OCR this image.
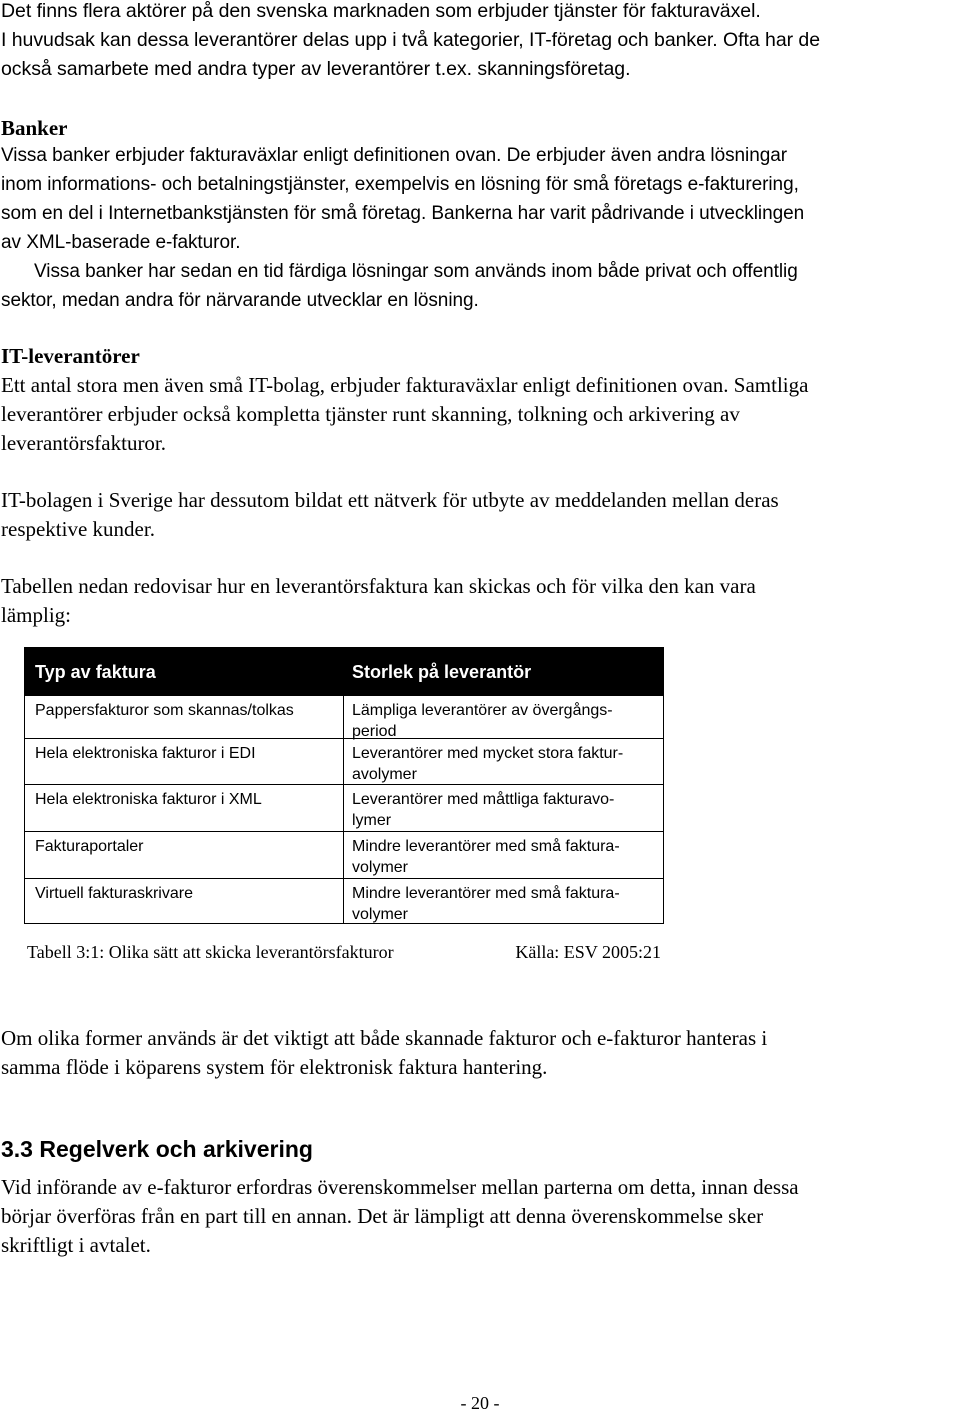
Det finns flera aktörer på den svenska marknaden som erbjuder tjänster för fakturaväxel.

I huvudsak kan dessa leverantörer delas upp i två kategorier, IT-företag och banker. Ofta har de

också samarbete med andra typer av leverantörer t.ex. skanningsföretag.

Banker

Vissa banker erbjuder fakturaväxlar enligt definitionen ovan. De erbjuder även andra lösningar

inom informations- och betalningstjänster, exempelvis en lösning för små företags e-fakturering,

som en del i Internetbankstjänsten för små företag. Bankerna har varit pådrivande i utvecklingen

av XML-baserade e-fakturor.

Vissa banker har sedan en tid färdiga lösningar som används inom både privat och offentlig

sektor, medan andra för närvarande utvecklar en lösning.

IT-leverantörer

Ett antal stora men även små IT-bolag, erbjuder fakturaväxlar enligt definitionen ovan. Samtliga

leverantörer erbjuder också kompletta tjänster runt skanning, tolkning och arkivering av

leverantörsfakturor.

IT-bolagen i Sverige har dessutom bildat ett nätverk för utbyte av meddelanden mellan deras

respektive kunder.

Tabellen nedan redovisar hur en leverantörsfaktura kan skickas och för vilka den kan vara

lämplig:

Typ av faktura	Storlek på leverantör
Pappersfakturor som skannas/tolkas	Lämpliga leverantörer av övergångs-
period
Hela elektroniska fakturor i EDI	Leverantörer med mycket stora faktur-
avolymer
Hela elektroniska fakturor i XML	Leverantörer med måttliga fakturavo-
lymer
Fakturaportaler	Mindre leverantörer med små faktura-
volymer
Virtuell fakturaskrivare	Mindre leverantörer med små faktura-
volymer
Tabell 3:1: Olika sätt att skicka leverantörsfakturor	Källa: ESV 2005:21

Om olika former används är det viktigt att både skannade fakturor och e-fakturor hanteras i

samma flöde i köparens system för elektronisk faktura hantering.

3.3 Regelverk och arkivering

Vid införande av e-fakturor erfordras överenskommelser mellan parterna om detta, innan dessa

börjar överföras från en part till en annan. Det är lämpligt att denna överenskommelse sker

skriftligt i avtalet.

- 20 -
